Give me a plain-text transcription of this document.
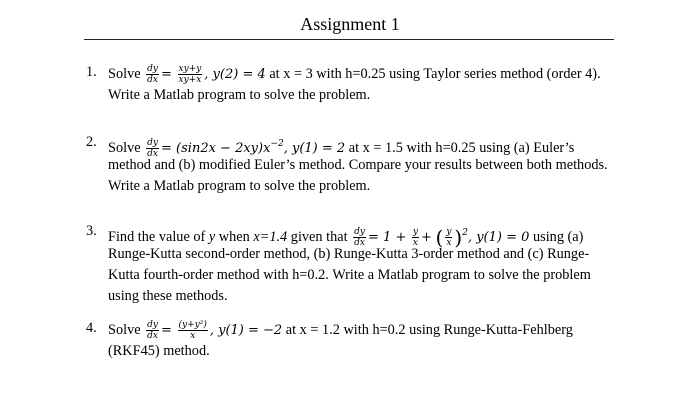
Assignment 1
1. Solve $\frac{dy}{dx} = \frac{xy+y}{xy+x}$ , y(2) = 4 at x = 3 with h=0.25 using Taylor series method (order 4).
Write a Matlab program to solve the problem.
2. Solve $\frac{dy}{dx} = (\sin 2x - 2xy)x^{-2}$, y(1) = 2 at x = 1.5 with h=0.25 using (a) Euler’s
method and (b) modified Euler’s method. Compare your results between both methods.
Write a Matlab program to solve the problem.
3. Find the value of y when x=1.4 given that $\frac{dy}{dx} = 1 + \frac{y}{x}$ + ( $\frac{y}{x} )^2$, y(1) = 0 using (a)
Runge-Kutta second-order method, (b) Runge-Kutta 3-order method and (c) Runge-
Kutta fourth-order method with h=0.2. Write a Matlab program to solve the problem
using these methods.
4. Solve $\frac{dy}{dx} = \frac{\text{(y+y²)}}{x}$ , y(1) = −2 at x = 1.2 with h=0.2 using Runge-Kutta-Fehlberg
(RKF45) method.
